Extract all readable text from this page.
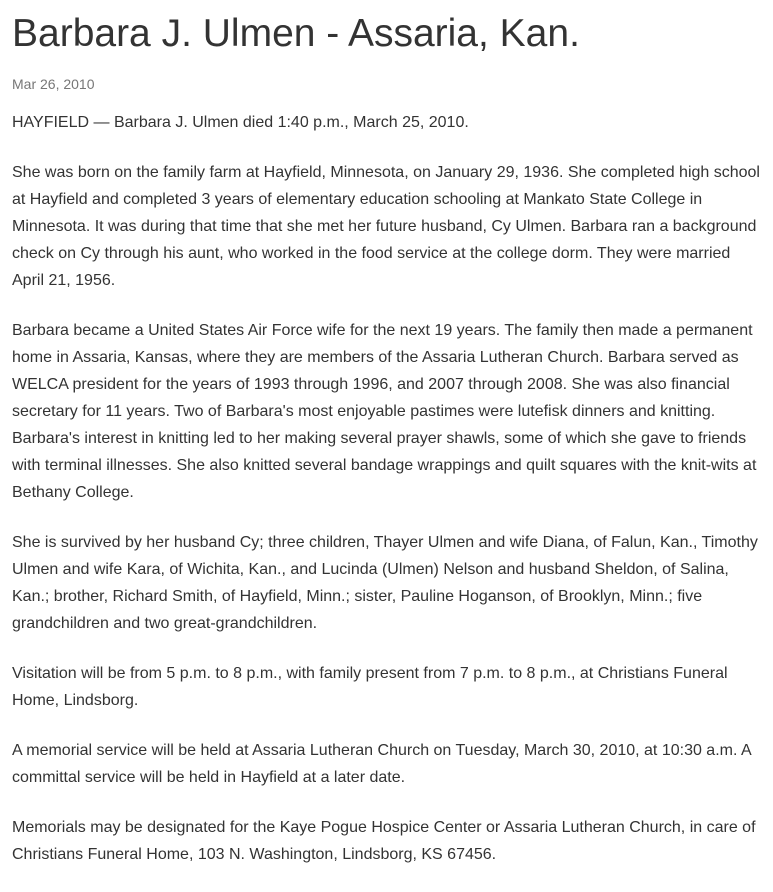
Barbara J. Ulmen - Assaria, Kan.
Mar 26, 2010

HAYFIELD — Barbara J. Ulmen died 1:40 p.m., March 25, 2010.

She was born on the family farm at Hayfield, Minnesota, on January 29, 1936. She completed high school at Hayfield and completed 3 years of elementary education schooling at Mankato State College in Minnesota. It was during that time that she met her future husband, Cy Ulmen. Barbara ran a background check on Cy through his aunt, who worked in the food service at the college dorm. They were married April 21, 1956.

Barbara became a United States Air Force wife for the next 19 years. The family then made a permanent home in Assaria, Kansas, where they are members of the Assaria Lutheran Church. Barbara served as WELCA president for the years of 1993 through 1996, and 2007 through 2008. She was also financial secretary for 11 years. Two of Barbara's most enjoyable pastimes were lutefisk dinners and knitting. Barbara's interest in knitting led to her making several prayer shawls, some of which she gave to friends with terminal illnesses. She also knitted several bandage wrappings and quilt squares with the knit-wits at Bethany College.

She is survived by her husband Cy; three children, Thayer Ulmen and wife Diana, of Falun, Kan., Timothy Ulmen and wife Kara, of Wichita, Kan., and Lucinda (Ulmen) Nelson and husband Sheldon, of Salina, Kan.; brother, Richard Smith, of Hayfield, Minn.; sister, Pauline Hoganson, of Brooklyn, Minn.; five grandchildren and two great-grandchildren.

Visitation will be from 5 p.m. to 8 p.m., with family present from 7 p.m. to 8 p.m., at Christians Funeral Home, Lindsborg.

A memorial service will be held at Assaria Lutheran Church on Tuesday, March 30, 2010, at 10:30 a.m. A committal service will be held in Hayfield at a later date.

Memorials may be designated for the Kaye Pogue Hospice Center or Assaria Lutheran Church, in care of Christians Funeral Home, 103 N. Washington, Lindsborg, KS 67456.
